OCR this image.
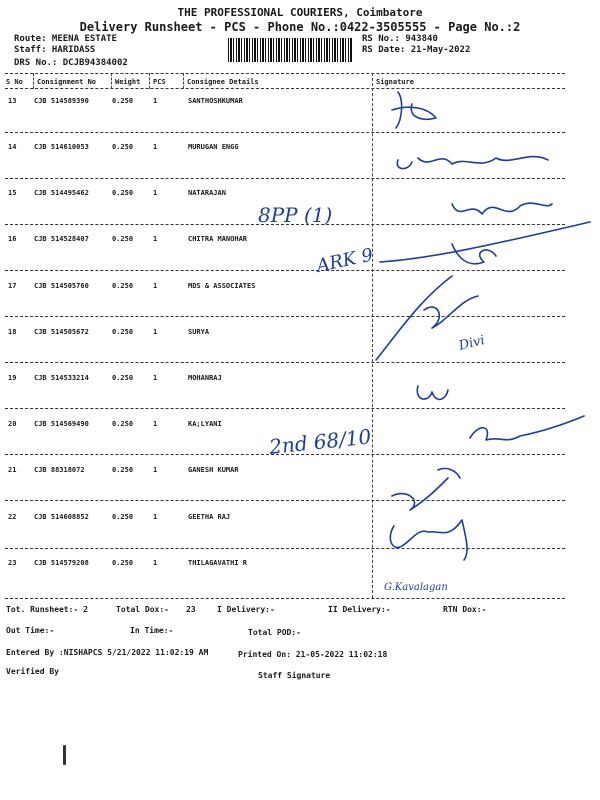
THE PROFESSIONAL COURIERS, Coimbatore
Delivery Runsheet - PCS - Phone No.:0422-3505555 - Page No.:2
Route: MEENA ESTATE
Staff: HARIDASS
DRS No.: DCJB94384002
RS No.: 943840
RS Date: 21-May-2022
S No Consignment No	Weight PCS	Consignee Details	Signature
13	CJB 514589390	0.250	1	SANTHOSHKUMAR
14	CJB 514610053	0.250	1	MURUGAN ENGG
15	CJB 514495462	0.250	1	NATARAJAN
16	CJB 514528407	0.250	1	CHITRA MANOHAR
17	CJB 514505760	0.250	1	MDS & ASSOCIATES
18	CJB 514505672	0.250	1	SURYA
19	CJB 514533214	0.250	1	MOHANRAJ
20	CJB 514569490	0.250	1	KA;LYANI
21	CJB 88318072	0.250	1	GANESH KUMAR
22	CJB 514608852	0.250	1	GEETHA RAJ
23	CJB 514579208	0.250	1	THILAGAVATHI R
8PP (1)
ARK 9
Divi
2nd 68/10
G.Kavalagan
Tot. Runsheet:- 2	Total Dox:- 23	I Delivery:-	II Delivery:-	RTN Dox:-
Out Time:-	In Time:-	Total POD:-
Entered By :NISHAPCS 5/21/2022 11:02:19 AM	Printed On: 21-05-2022 11:02:18
Verified By	Staff Signature
